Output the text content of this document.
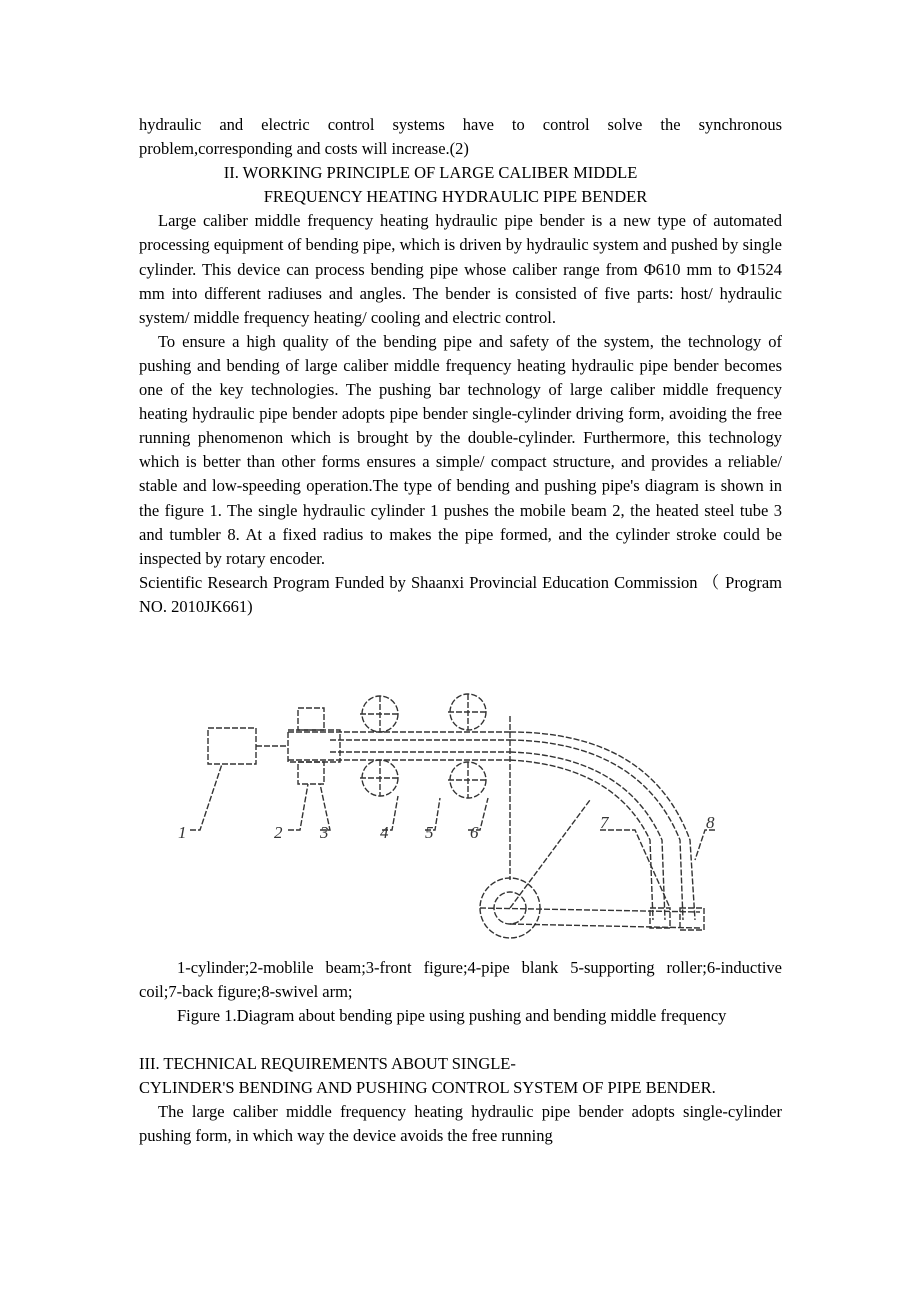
hydraulic and electric control systems have to control solve the synchronous problem,corresponding and costs will increase.(2)

II. WORKING PRINCIPLE OF LARGE CALIBER MIDDLE
FREQUENCY HEATING HYDRAULIC PIPE BENDER

Large caliber middle frequency heating hydraulic pipe bender is a new type of automated processing equipment of bending pipe, which is driven by hydraulic system and pushed by single cylinder. This device can process bending pipe whose caliber range from Φ610 mm to Φ1524 mm into different radiuses and angles. The bender is consisted of five parts: host/ hydraulic system/ middle frequency heating/ cooling and electric control.

To ensure a high quality of the bending pipe and safety of the system, the technology of pushing and bending of large caliber middle frequency heating hydraulic pipe bender becomes one of the key technologies. The pushing bar technology of large caliber middle frequency heating hydraulic pipe bender adopts pipe bender single-cylinder driving form, avoiding the free running phenomenon which is brought by the double-cylinder. Furthermore, this technology which is better than other forms ensures a simple/ compact structure, and provides a reliable/ stable and low-speeding operation.The type of bending and pushing pipe's diagram is shown in the figure 1. The single hydraulic cylinder 1 pushes the mobile beam 2, the heated steel tube 3 and tumbler 8. At a fixed radius to makes the pipe formed, and the cylinder stroke could be inspected by rotary encoder.

Scientific Research Program Funded by Shaanxi Provincial Education Commission （ Program NO. 2010JK661)

1	2 3	4 5 6
7	8

1-cylinder;2-moblile beam;3-front figure;4-pipe blank 5-supporting roller;6-inductive coil;7-back figure;8-swivel arm;

Figure 1.Diagram about bending pipe using pushing and bending middle frequency

III. TECHNICAL REQUIREMENTS ABOUT SINGLE-

CYLINDER'S BENDING AND PUSHING CONTROL SYSTEM OF PIPE BENDER.

The large caliber middle frequency heating hydraulic pipe bender adopts single-cylinder pushing form, in which way the device avoids the free running
